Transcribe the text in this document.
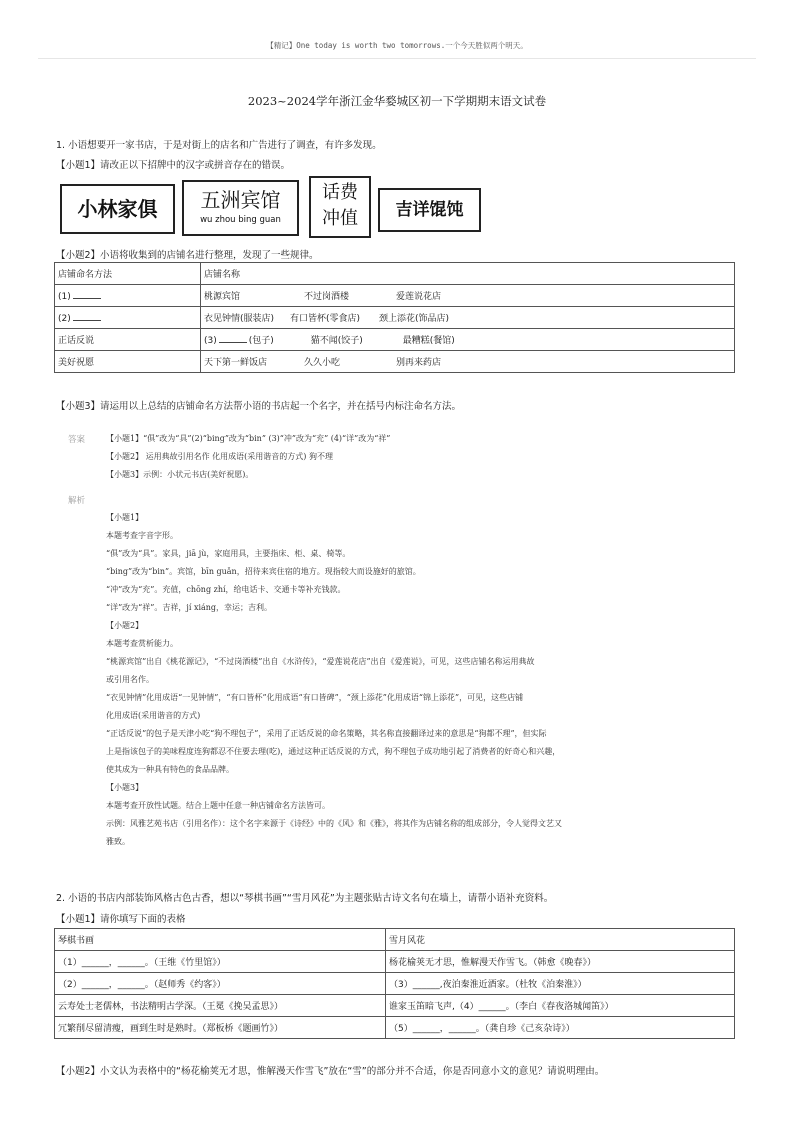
【精记】One today is worth two tomorrows.一个今天胜似两个明天。
2023~2024学年浙江金华婺城区初一下学期期末语文试卷
1. 小语想要开一家书店，于是对街上的店名和广告进行了调查，有许多发现。
【小题1】请改正以下招牌中的汉字或拼音存在的错误。
小林家俱	五洲宾馆
wu zhou bing guan
话费
冲值	吉详馄饨
【小题2】小语将收集到的店铺名进行整理，发现了一些规律。
店铺命名方法	店铺名称
(1)	桃源宾馆 不过岗酒楼 爱莲说花店
(2)	衣见钟情(服装店) 有口皆杯(零食店) 颈上添花(饰品店)
正话反说	(3) (包子) 猫不闻(饺子) 最糟糕(餐馆)
美好祝愿	天下第一鲜饭店 久久小吃 别再来药店
【小题3】请运用以上总结的店铺命名方法帮小语的书店起一个名字，并在括号内标注命名方法。
答案	【小题1】“俱”改为“具”(2)“bing”改为“bin” (3)“冲”改为“充” (4)“详”改为“祥”
【小题2】 运用典故引用名作 化用成语(采用谐音的方式) 狗不理
【小题3】示例：小状元书店(美好祝愿)。
解析
【小题1】
本题考查字音字形。
“俱”改为“具”。家具，jiā jù，家庭用具，主要指床、柜、桌、椅等。
“bing”改为“bin”。宾馆，bīn guǎn，招待来宾住宿的地方。现指较大而设施好的旅馆。
“冲”改为“充”。充值，chōng zhí，给电话卡、交通卡等补充钱款。
“详”改为“祥”。吉祥，jí xiáng，幸运；吉利。
【小题2】
本题考查赏析能力。
“桃源宾馆”出自《桃花源记》，“不过岗酒楼”出自《水浒传》，“爱莲说花店”出自《爱莲说》，可见，这些店铺名称运用典故
或引用名作。
“衣见钟情”化用成语“一见钟情”，“有口皆杯”化用成语“有口皆碑”，“颈上添花”化用成语“锦上添花”，可见，这些店铺
化用成语(采用谐音的方式)
“正话反说”的包子是天津小吃“狗不理包子”，采用了正话反说的命名策略，其名称直接翻译过来的意思是“狗都不理”，但实际
上是指该包子的美味程度连狗都忍不住要去理(吃)，通过这种正话反说的方式，狗不理包子成功地引起了消费者的好奇心和兴趣，
使其成为一种具有特色的食品品牌。
【小题3】
本题考查开放性试题。结合上题中任意一种店铺命名方法皆可。
示例：风雅艺苑书店（引用名作）：这个名字来源于《诗经》中的《风》和《雅》，将其作为店铺名称的组成部分，令人觉得文艺又
雅致。
2. 小语的书店内部装饰风格古色古香，想以“琴棋书画”“雪月风花”为主题张贴古诗文名句在墙上，请帮小语补充资料。
【小题1】请你填写下面的表格
琴棋书画	雪月风花
（1）______，______。（王维《竹里馆》）	杨花榆荚无才思，惟解漫天作雪飞。（韩愈《晚春》）
（2）______，______。（赵师秀《约客》）	（3）______,夜泊秦淮近酒家。（杜牧《泊秦淮》）
云寿处士老儒林，书法精明古学深。（王冕《挽吴孟思》）	谁家玉笛暗飞声,（4）______。（李白《春夜洛城闻笛》）
冗繁削尽留清瘦，画到生时是熟时。（郑板桥《题画竹》）	（5）______，______。（龚自珍《己亥杂诗》）
【小题2】小文认为表格中的“杨花榆荚无才思，惟解漫天作雪飞”放在“雪”的部分并不合适，你是否同意小文的意见？请说明理由。
